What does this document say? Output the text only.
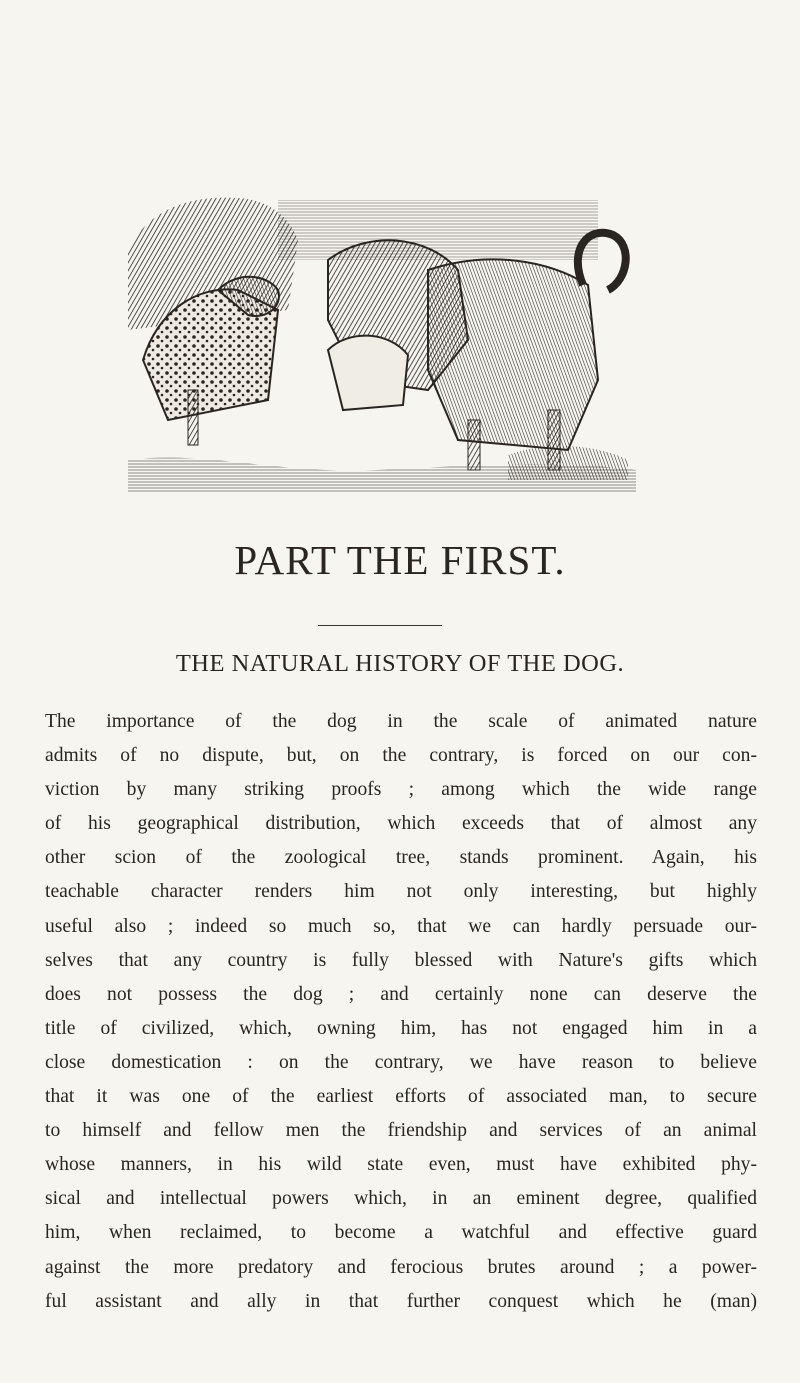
PART THE FIRST.
THE NATURAL HISTORY OF THE DOG.
The importance of the dog in the scale of animated nature
admits of no dispute, but, on the contrary, is forced on our con-
viction by many striking proofs ; among which the wide range
of his geographical distribution, which exceeds that of almost any
other scion of the zoological tree, stands prominent. Again, his
teachable character renders him not only interesting, but highly
useful also ; indeed so much so, that we can hardly persuade our-
selves that any country is fully blessed with Nature's gifts which
does not possess the dog ; and certainly none can deserve the
title of civilized, which, owning him, has not engaged him in a
close domestication : on the contrary, we have reason to believe
that it was one of the earliest efforts of associated man, to secure
to himself and fellow men the friendship and services of an animal
whose manners, in his wild state even, must have exhibited phy-
sical and intellectual powers which, in an eminent degree, qualified
him, when reclaimed, to become a watchful and effective guard
against the more predatory and ferocious brutes around ; a power-
ful assistant and ally in that further conquest which he (man)
